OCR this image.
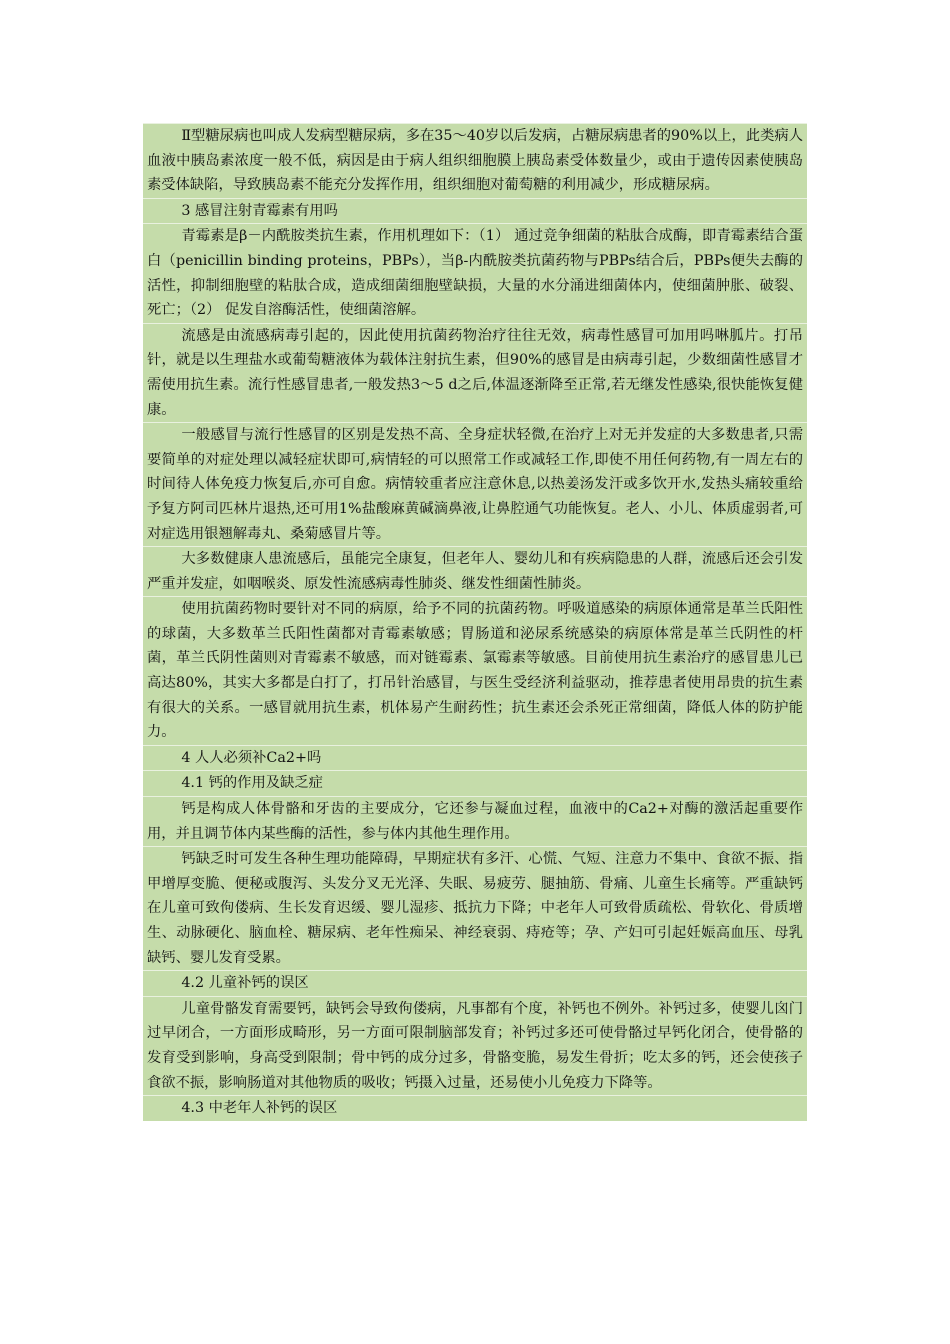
Ⅱ型糖尿病也叫成人发病型糖尿病，多在35～40岁以后发病，占糖尿病患者的90%以上，此类病人血液中胰岛素浓度一般不低，病因是由于病人组织细胞膜上胰岛素受体数量少，或由于遗传因素使胰岛素受体缺陷，导致胰岛素不能充分发挥作用，组织细胞对葡萄糖的利用减少，形成糖尿病。

3 感冒注射青霉素有用吗

青霉素是β－内酰胺类抗生素，作用机理如下：（1） 通过竞争细菌的粘肽合成酶，即青霉素结合蛋白（penicillin binding proteins，PBPs），当β-内酰胺类抗菌药物与PBPs结合后，PBPs便失去酶的活性，抑制细胞壁的粘肽合成，造成细菌细胞壁缺损，大量的水分涌进细菌体内，使细菌肿胀、破裂、死亡；（2） 促发自溶酶活性，使细菌溶解。

流感是由流感病毒引起的，因此使用抗菌药物治疗往往无效，病毒性感冒可加用吗啉胍片。打吊针，就是以生理盐水或葡萄糖液体为载体注射抗生素，但90%的感冒是由病毒引起，少数细菌性感冒才需使用抗生素。流行性感冒患者,一般发热3～5 d之后,体温逐渐降至正常,若无继发性感染,很快能恢复健康。

一般感冒与流行性感冒的区别是发热不高、全身症状轻微,在治疗上对无并发症的大多数患者,只需要简单的对症处理以减轻症状即可,病情轻的可以照常工作或减轻工作,即使不用任何药物,有一周左右的时间待人体免疫力恢复后,亦可自愈。病情较重者应注意休息,以热姜汤发汗或多饮开水,发热头痛较重给予复方阿司匹林片退热,还可用1%盐酸麻黄碱滴鼻液,让鼻腔通气功能恢复。老人、小儿、体质虚弱者,可对症选用银翘解毒丸、桑菊感冒片等。

大多数健康人患流感后，虽能完全康复，但老年人、婴幼儿和有疾病隐患的人群，流感后还会引发严重并发症，如咽喉炎、原发性流感病毒性肺炎、继发性细菌性肺炎。

使用抗菌药物时要针对不同的病原，给予不同的抗菌药物。呼吸道感染的病原体通常是革兰氏阳性的球菌，大多数革兰氏阳性菌都对青霉素敏感；胃肠道和泌尿系统感染的病原体常是革兰氏阴性的杆菌，革兰氏阴性菌则对青霉素不敏感，而对链霉素、氯霉素等敏感。目前使用抗生素治疗的感冒患儿已高达80%，其实大多都是白打了，打吊针治感冒，与医生受经济利益驱动，推荐患者使用昂贵的抗生素有很大的关系。一感冒就用抗生素，机体易产生耐药性；抗生素还会杀死正常细菌，降低人体的防护能力。

4 人人必须补Ca2+吗

4.1 钙的作用及缺乏症

钙是构成人体骨骼和牙齿的主要成分，它还参与凝血过程，血液中的Ca2+对酶的激活起重要作用，并且调节体内某些酶的活性，参与体内其他生理作用。

钙缺乏时可发生各种生理功能障碍，早期症状有多汗、心慌、气短、注意力不集中、食欲不振、指甲增厚变脆、便秘或腹泻、头发分叉无光泽、失眠、易疲劳、腿抽筋、骨痛、儿童生长痛等。严重缺钙在儿童可致佝偻病、生长发育迟缓、婴儿湿疹、抵抗力下降；中老年人可致骨质疏松、骨软化、骨质增生、动脉硬化、脑血栓、糖尿病、老年性痴呆、神经衰弱、痔疮等；孕、产妇可引起妊娠高血压、母乳缺钙、婴儿发育受累。

4.2 儿童补钙的误区

儿童骨骼发育需要钙，缺钙会导致佝偻病，凡事都有个度，补钙也不例外。补钙过多，使婴儿囟门过早闭合，一方面形成畸形，另一方面可限制脑部发育；补钙过多还可使骨骼过早钙化闭合，使骨骼的发育受到影响，身高受到限制；骨中钙的成分过多，骨骼变脆，易发生骨折；吃太多的钙，还会使孩子食欲不振，影响肠道对其他物质的吸收；钙摄入过量，还易使小儿免疫力下降等。

4.3 中老年人补钙的误区
